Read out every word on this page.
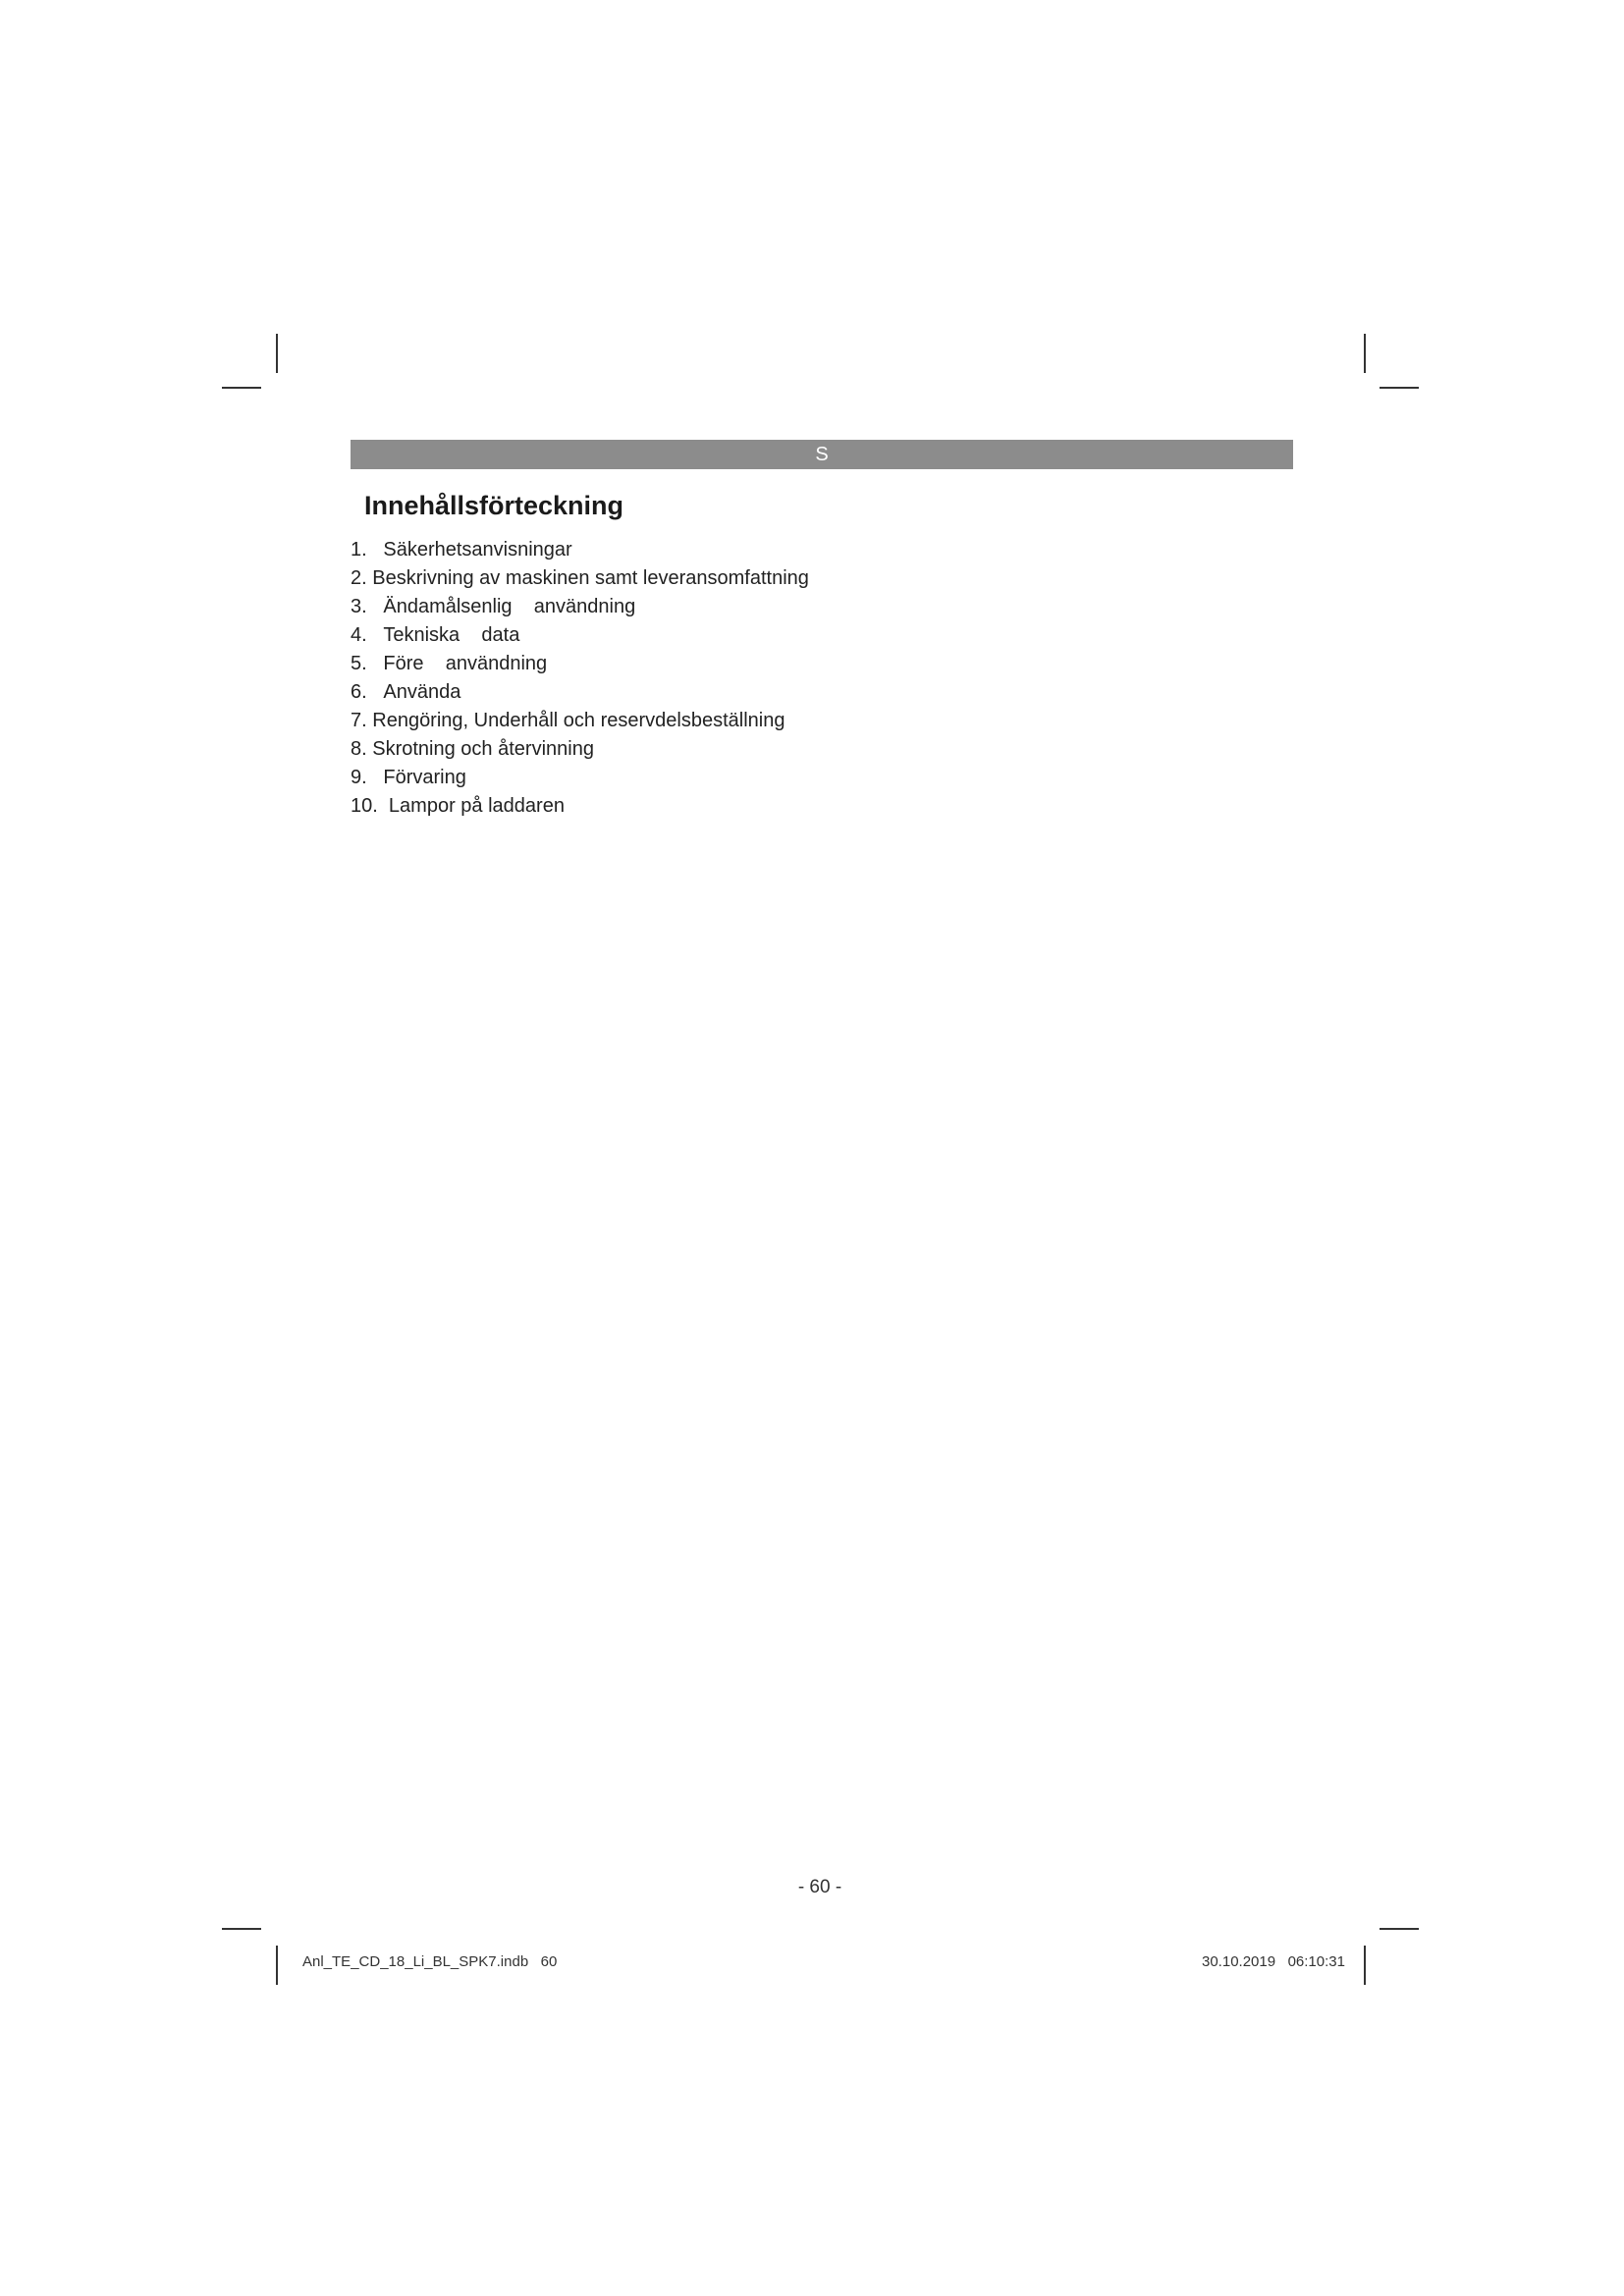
S
Innehållsförteckning
1.   Säkerhetsanvisningar
2. Beskrivning av maskinen samt leveransomfattning
3.   Ändamålsenlig    användning
4.   Tekniska    data
5.   Före    användning
6.   Använda
7. Rengöring, Underhåll och reservdelsbeställning
8. Skrotning och återvinning
9.   Förvaring
10.  Lampor på laddaren
- 60 -
Anl_TE_CD_18_Li_BL_SPK7.indb   60	30.10.2019   06:10:31
